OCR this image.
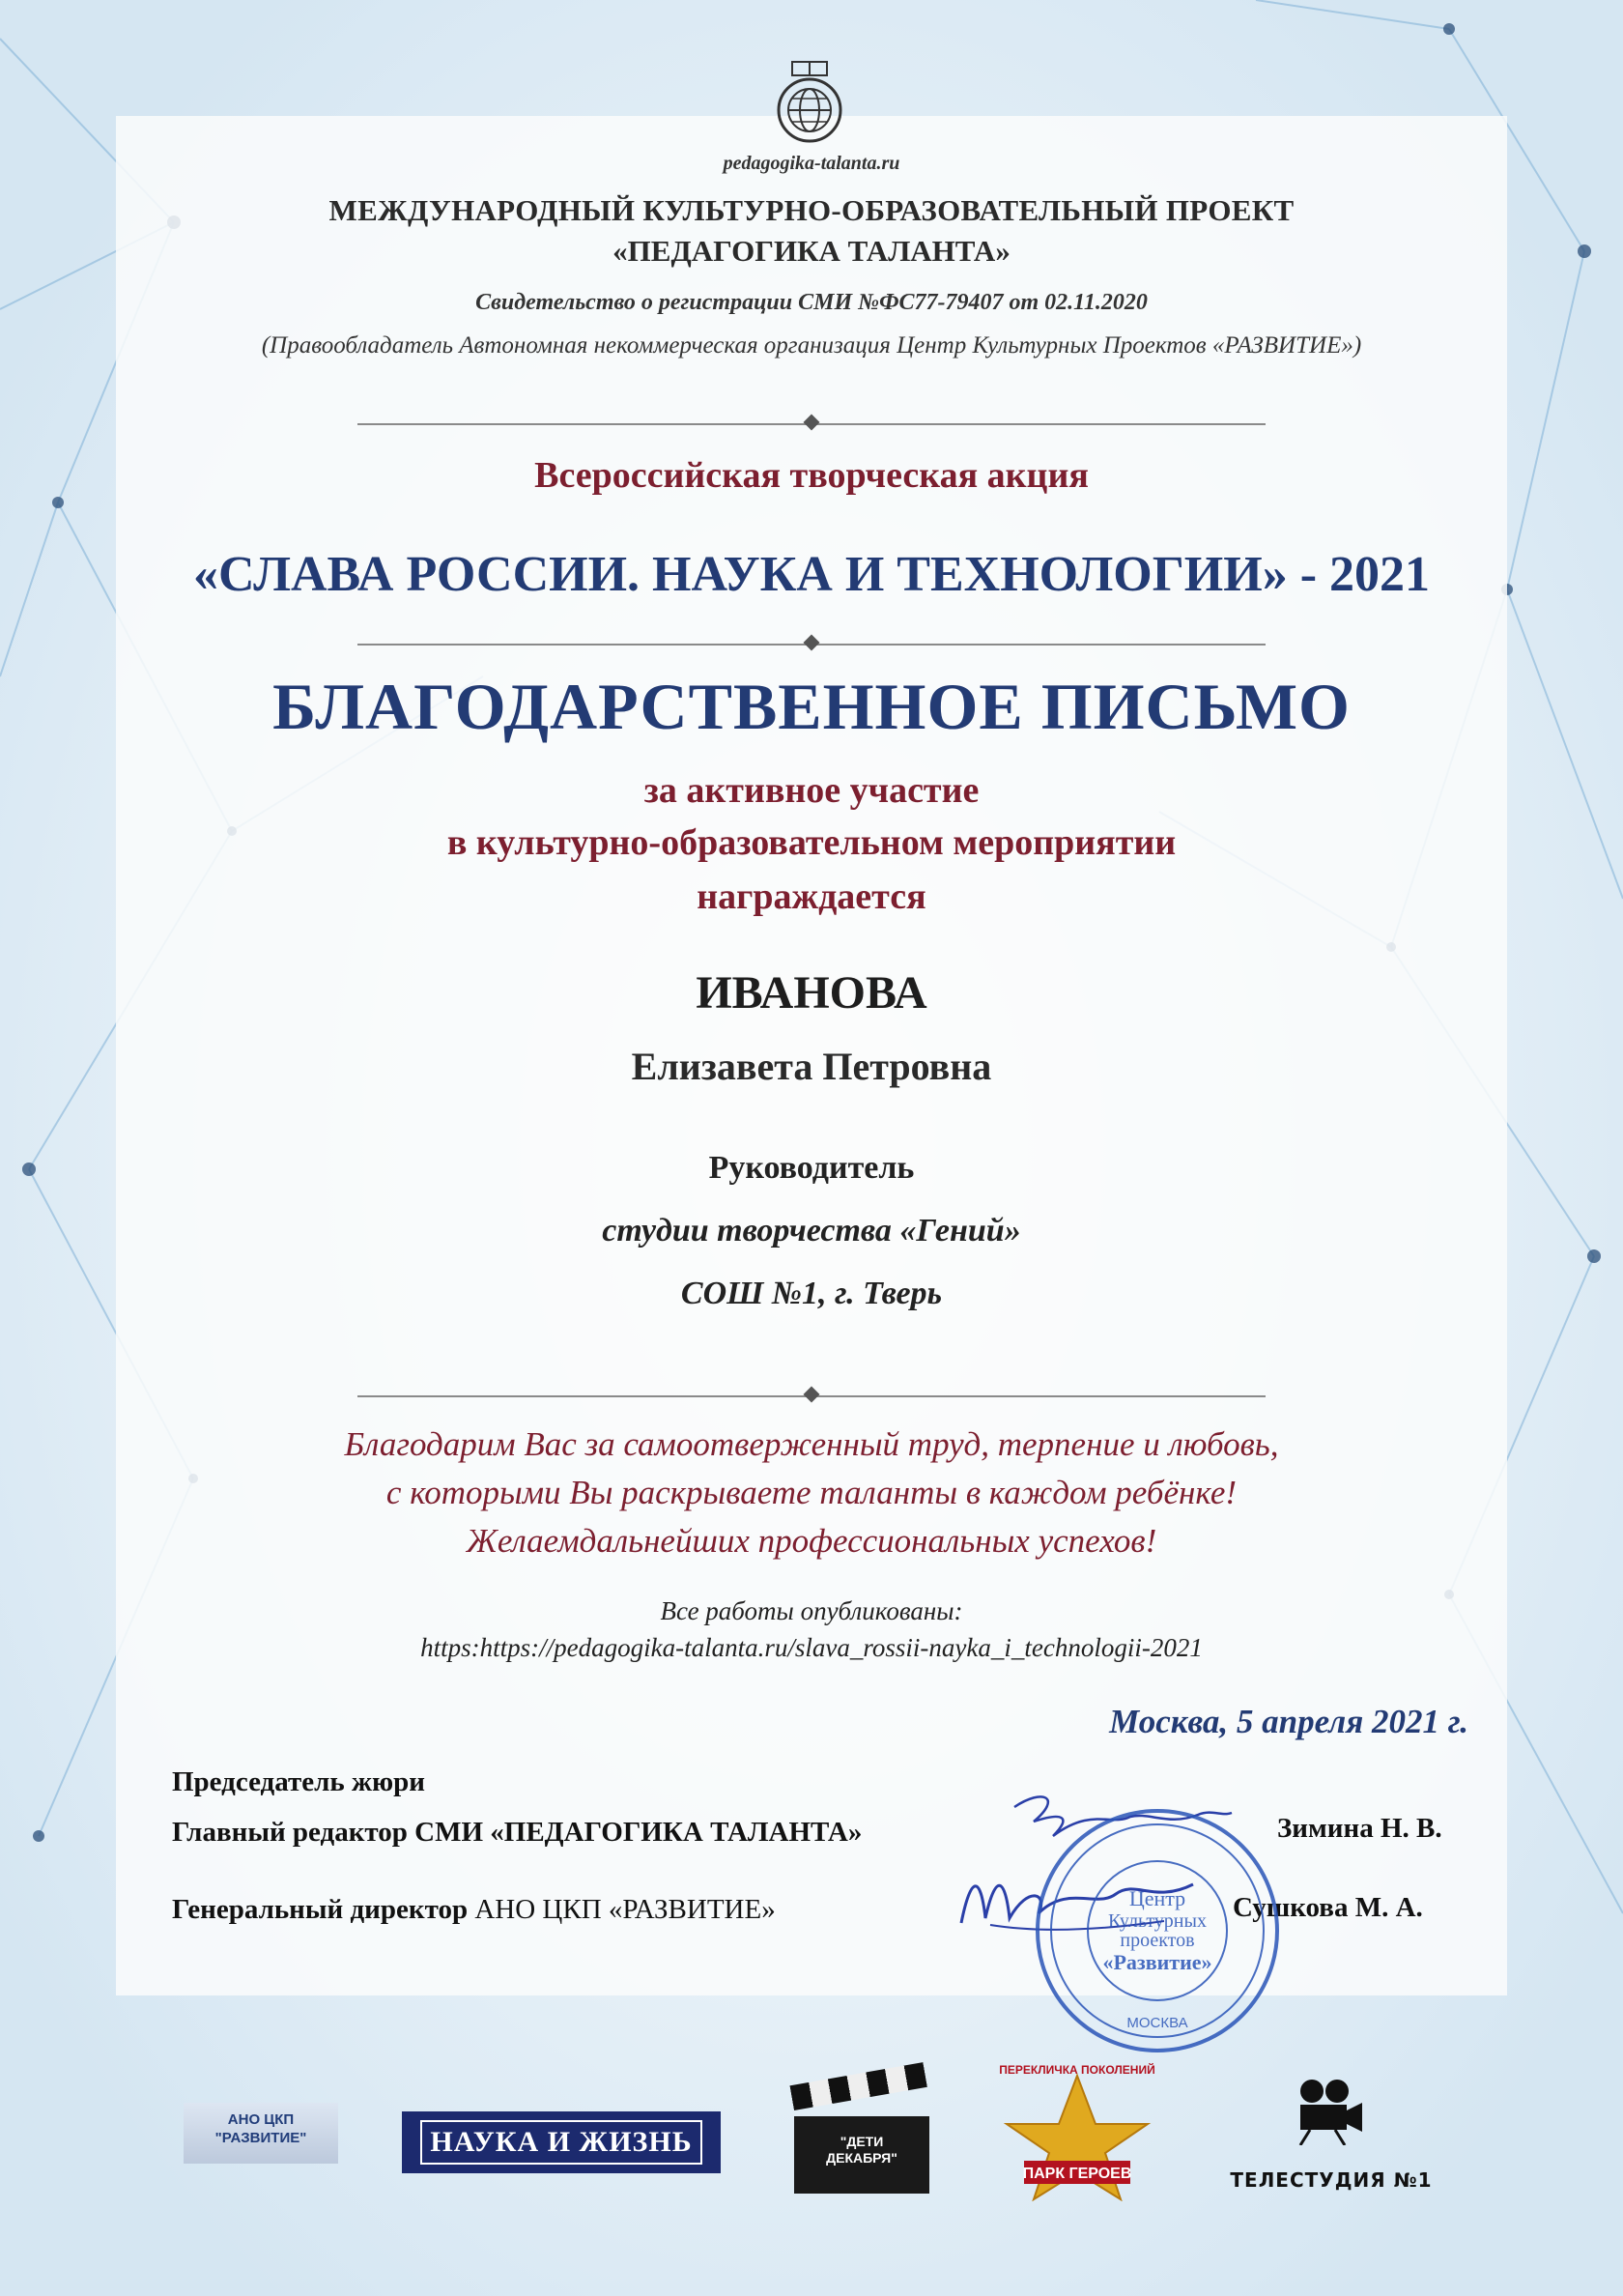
pedagogika-talanta.ru
МЕЖДУНАРОДНЫЙ КУЛЬТУРНО-ОБРАЗОВАТЕЛЬНЫЙ ПРОЕКТ
«ПЕДАГОГИКА ТАЛАНТА»
Свидетельство о регистрации СМИ №ФС77-79407 от 02.11.2020
(Правообладатель Автономная некоммерческая организация Центр Культурных Проектов «РАЗВИТИЕ»)
Всероссийская творческая акция
«СЛАВА РОССИИ. НАУКА И ТЕХНОЛОГИИ» - 2021
БЛАГОДАРСТВЕННОЕ ПИСЬМО
за активное участие
в культурно-образовательном мероприятии
награждается
ИВАНОВА
Елизавета Петровна
Руководитель
студии творчества «Гений»
СОШ №1, г. Тверь
Благодарим Вас за самоотверженный труд, терпение и любовь,
с которыми Вы раскрываете таланты в каждом ребёнке!
Желаемдальнейших профессиональных успехов!
Все работы опубликованы:
https:https://pedagogika-talanta.ru/slava_rossii-nayka_i_technologii-2021
Москва, 5 апреля 2021 г.
Председатель жюри
Главный редактор СМИ «ПЕДАГОГИКА ТАЛАНТА»	Зимина Н. В.
Генеральный директор АНО ЦКП «РАЗВИТИЕ»	Сушкова М. А.
Центр
Культурных
проектов
«Развитие»
МОСКВА
АНО ЦКП
"РАЗВИТИЕ"	НАУКА И ЖИЗНЬ	"ДЕТИ
ДЕКАБРЯ"
ПЕРЕКЛИЧКА ПОКОЛЕНИЙ
ПАРК ГЕРОЕВ	ТЕЛЕСТУДИЯ №1
